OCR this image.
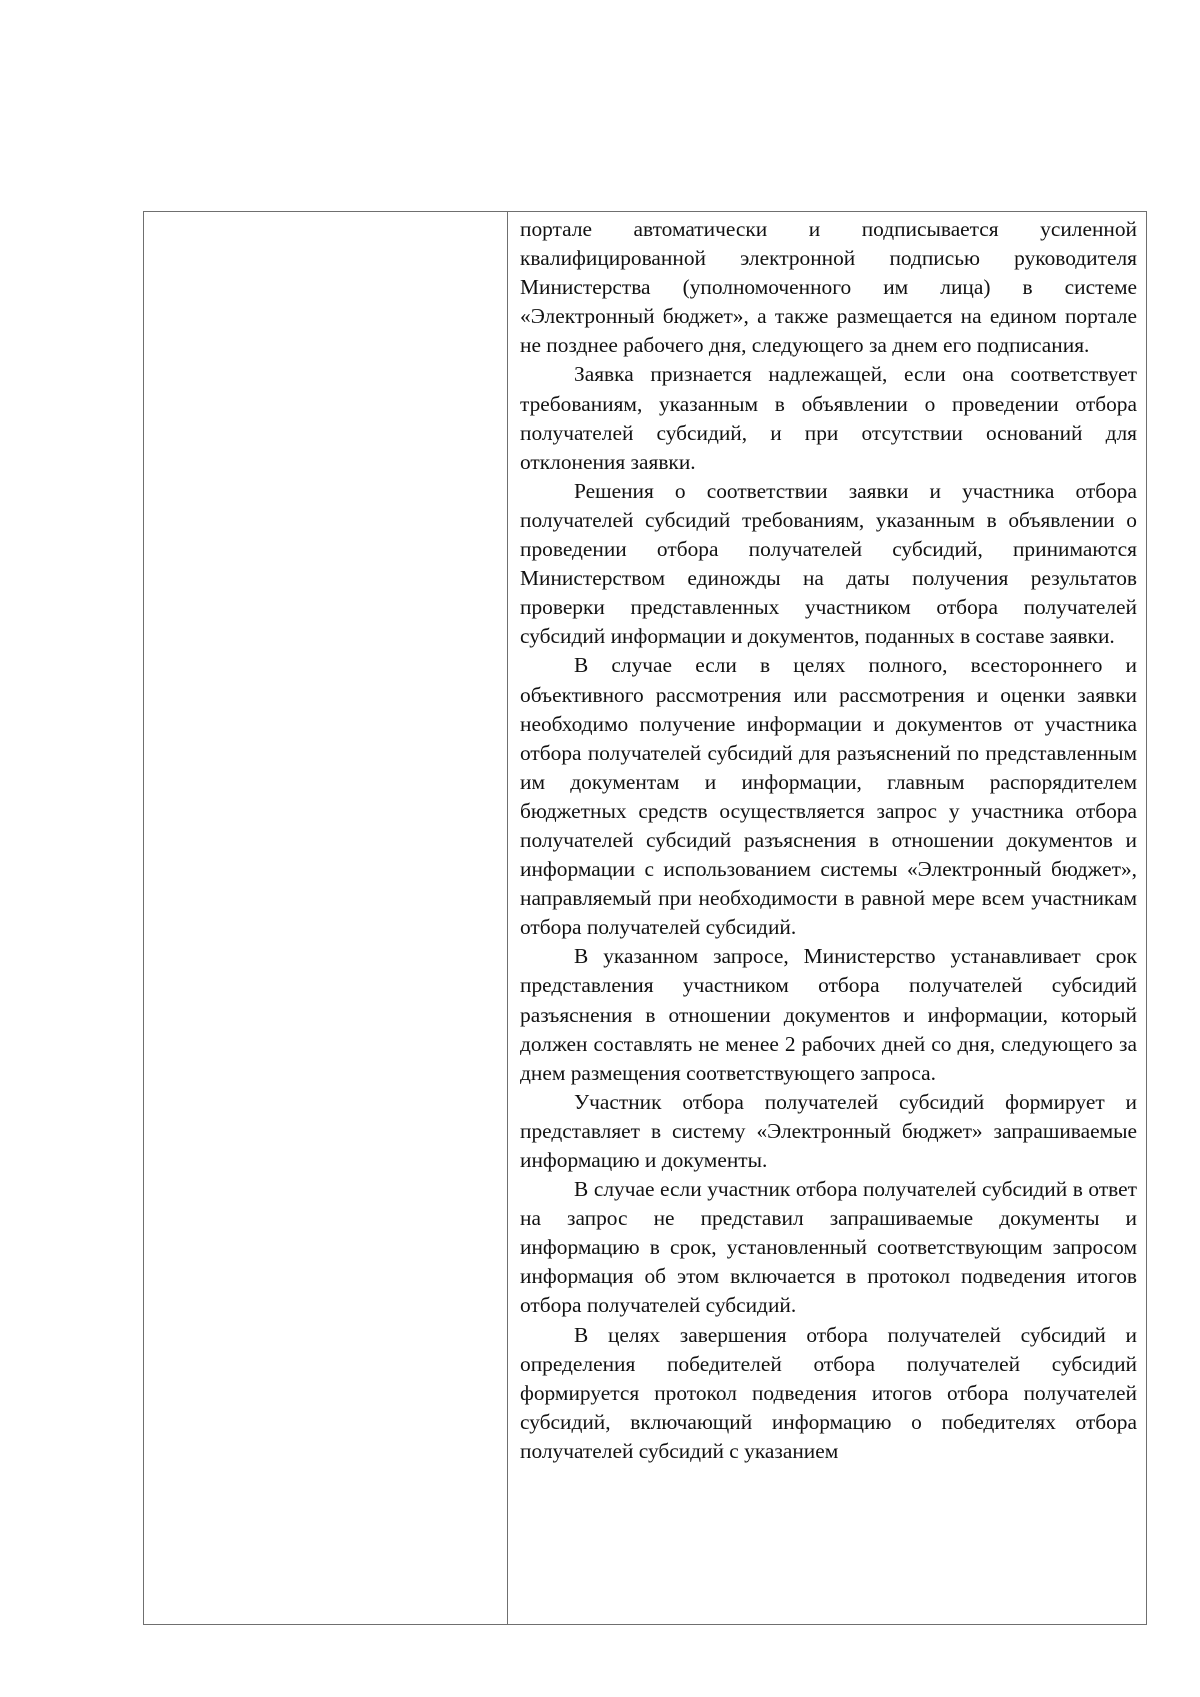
портале автоматически и подписывается усиленной квалифицированной электронной подписью руководителя Министерства (уполномоченного им лица) в системе «Электронный бюджет», а также размещается на едином портале не позднее рабочего дня, следующего за днем его подписания.

Заявка признается надлежащей, если она соответствует требованиям, указанным в объявлении о проведении отбора получателей субсидий, и при отсутствии оснований для отклонения заявки.

Решения о соответствии заявки и участника отбора получателей субсидий требованиям, указанным в объявлении о проведении отбора получателей субсидий, принимаются Министерством единожды на даты получения результатов проверки представленных участником отбора получателей субсидий информации и документов, поданных в составе заявки.

В случае если в целях полного, всестороннего и объективного рассмотрения или рассмотрения и оценки заявки необходимо получение информации и документов от участника отбора получателей субсидий для разъяснений по представленным им документам и информации, главным распорядителем бюджетных средств осуществляется запрос у участника отбора получателей субсидий разъяснения в отношении документов и информации с использованием системы «Электронный бюджет», направляемый при необходимости в равной мере всем участникам отбора получателей субсидий.

В указанном запросе, Министерство устанавливает срок представления участником отбора получателей субсидий разъяснения в отношении документов и информации, который должен составлять не менее 2 рабочих дней со дня, следующего за днем размещения соответствующего запроса.

Участник отбора получателей субсидий формирует и представляет в систему «Электронный бюджет» запрашиваемые информацию и документы.

В случае если участник отбора получателей субсидий в ответ на запрос не представил запрашиваемые документы и информацию в срок, установленный соответствующим запросом информация об этом включается в протокол подведения итогов отбора получателей субсидий.

В целях завершения отбора получателей субсидий и определения победителей отбора получателей субсидий формируется протокол подведения итогов отбора получателей субсидий, включающий информацию о победителях отбора получателей субсидий с указанием
